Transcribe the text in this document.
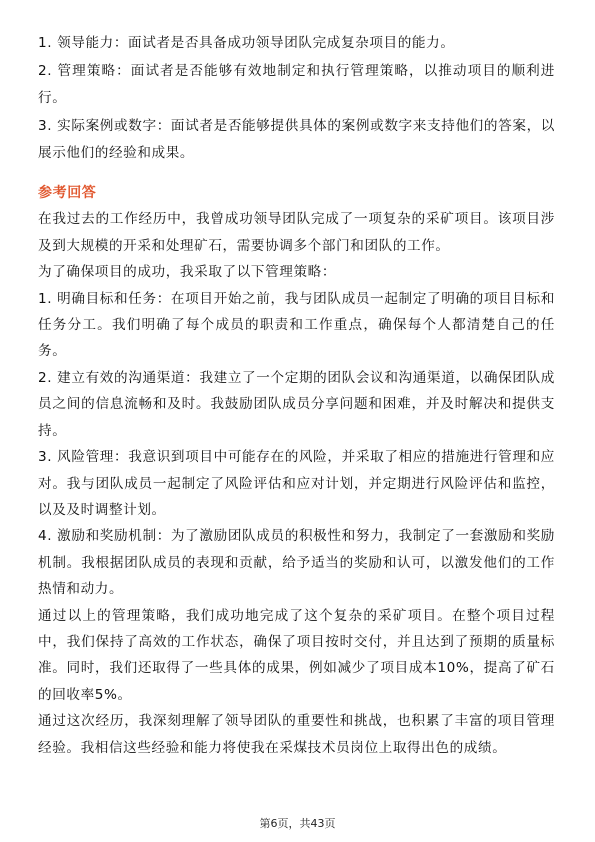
1. 领导能力：面试者是否具备成功领导团队完成复杂项目的能力。

2. 管理策略：面试者是否能够有效地制定和执行管理策略，以推动项目的顺利进行。

3. 实际案例或数字：面试者是否能够提供具体的案例或数字来支持他们的答案，以展示他们的经验和成果。

参考回答

在我过去的工作经历中，我曾成功领导团队完成了一项复杂的采矿项目。该项目涉及到大规模的开采和处理矿石，需要协调多个部门和团队的工作。

为了确保项目的成功，我采取了以下管理策略：

1. 明确目标和任务：在项目开始之前，我与团队成员一起制定了明确的项目目标和任务分工。我们明确了每个成员的职责和工作重点，确保每个人都清楚自己的任务。

2. 建立有效的沟通渠道：我建立了一个定期的团队会议和沟通渠道，以确保团队成员之间的信息流畅和及时。我鼓励团队成员分享问题和困难，并及时解决和提供支持。

3. 风险管理：我意识到项目中可能存在的风险，并采取了相应的措施进行管理和应对。我与团队成员一起制定了风险评估和应对计划，并定期进行风险评估和监控，以及及时调整计划。

4. 激励和奖励机制：为了激励团队成员的积极性和努力，我制定了一套激励和奖励机制。我根据团队成员的表现和贡献，给予适当的奖励和认可，以激发他们的工作热情和动力。

通过以上的管理策略，我们成功地完成了这个复杂的采矿项目。在整个项目过程中，我们保持了高效的工作状态，确保了项目按时交付，并且达到了预期的质量标准。同时，我们还取得了一些具体的成果，例如减少了项目成本10%，提高了矿石的回收率5%。

通过这次经历，我深刻理解了领导团队的重要性和挑战，也积累了丰富的项目管理经验。我相信这些经验和能力将使我在采煤技术员岗位上取得出色的成绩。

第6页，共43页
